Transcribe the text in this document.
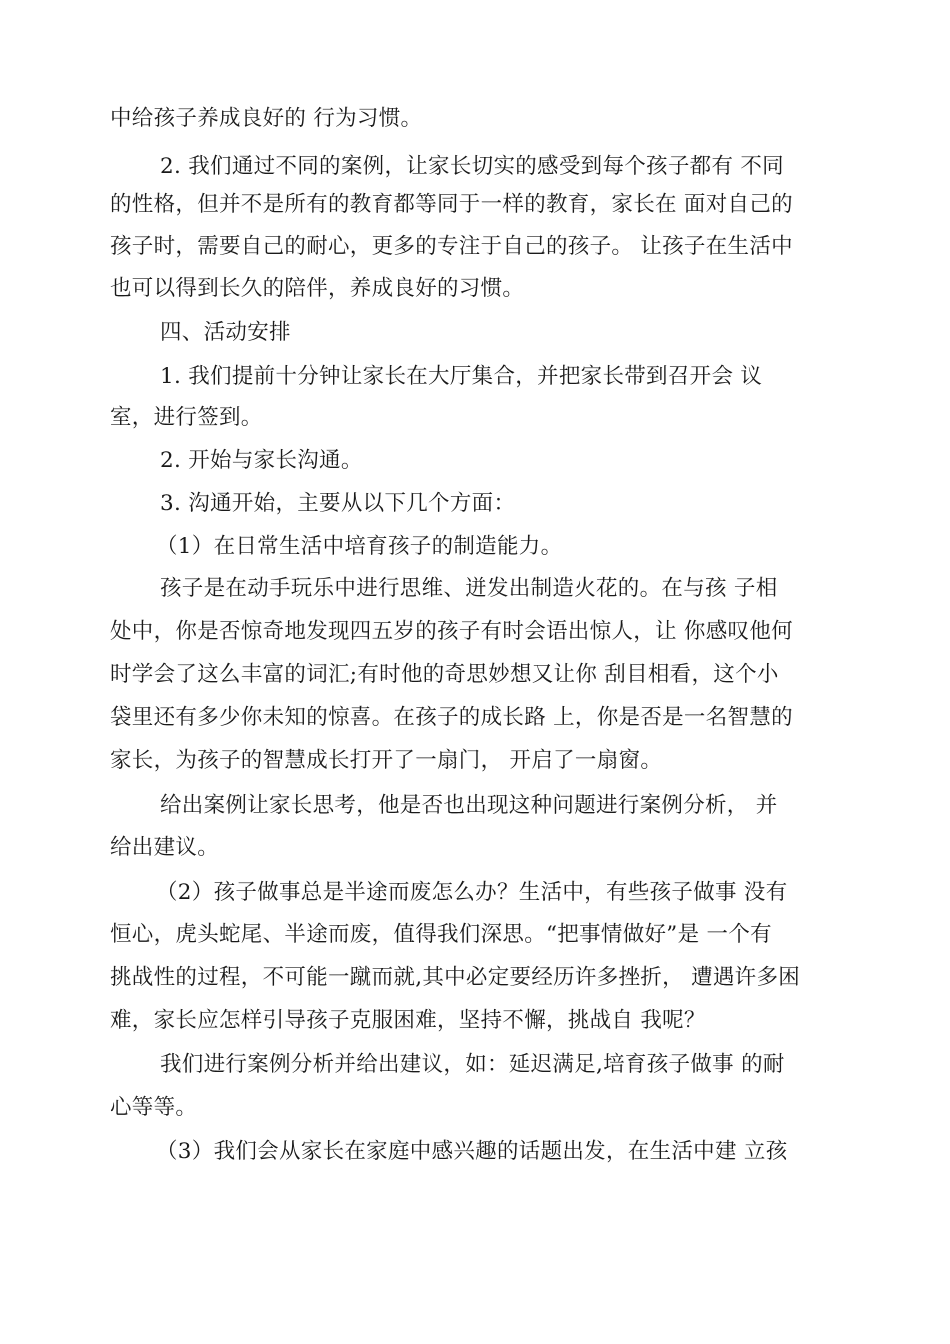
中给孩子养成良好的 行为习惯。
2. 我们通过不同的案例，让家长切实的感受到每个孩子都有 不同
的性格，但并不是所有的教育都等同于一样的教育，家长在 面对自己的
孩子时，需要自己的耐心，更多的专注于自己的孩子。 让孩子在生活中
也可以得到长久的陪伴，养成良好的习惯。
四、活动安排
1. 我们提前十分钟让家长在大厅集合，并把家长带到召开会 议
室，进行签到。
2. 开始与家长沟通。
3. 沟通开始，主要从以下几个方面：
（1）在日常生活中培育孩子的制造能力。
孩子是在动手玩乐中进行思维、迸发出制造火花的。在与孩 子相
处中，你是否惊奇地发现四五岁的孩子有时会语出惊人，让 你感叹他何
时学会了这么丰富的词汇;有时他的奇思妙想又让你 刮目相看，这个小
袋里还有多少你未知的惊喜。在孩子的成长路 上，你是否是一名智慧的
家长，为孩子的智慧成长打开了一扇门， 开启了一扇窗。
给出案例让家长思考，他是否也出现这种问题进行案例分析， 并
给出建议。
（2）孩子做事总是半途而废怎么办？生活中，有些孩子做事 没有
恒心，虎头蛇尾、半途而废，值得我们深思。“把事情做好”是 一个有
挑战性的过程，不可能一蹴而就,其中必定要经历许多挫折， 遭遇许多困
难，家长应怎样引导孩子克服困难，坚持不懈，挑战自 我呢？
我们进行案例分析并给出建议，如：延迟满足,培育孩子做事 的耐
心等等。
（3）我们会从家长在家庭中感兴趣的话题出发，在生活中建 立孩
